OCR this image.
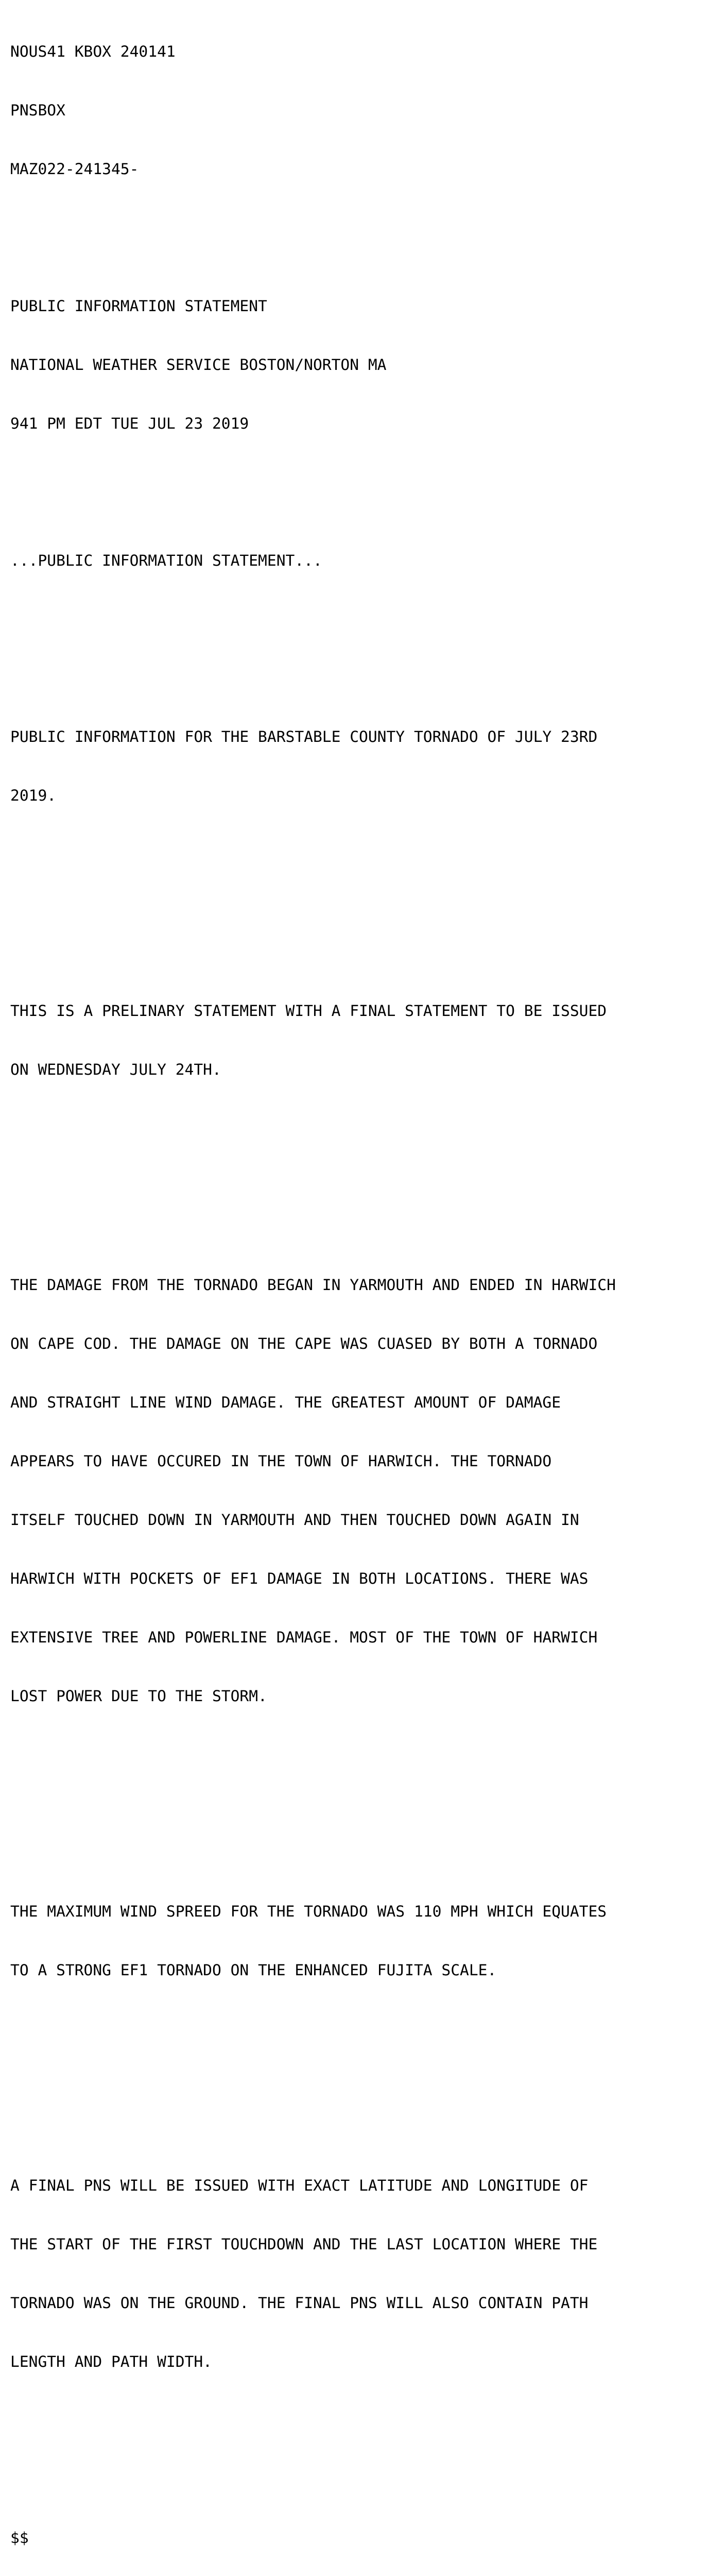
NOUS41 KBOX 240141

PNSBOX

MAZ022-241345-

PUBLIC INFORMATION STATEMENT

NATIONAL WEATHER SERVICE BOSTON/NORTON MA

941 PM EDT TUE JUL 23 2019

...PUBLIC INFORMATION STATEMENT...

PUBLIC INFORMATION FOR THE BARSTABLE COUNTY TORNADO OF JULY 23RD

2019.

THIS IS A PRELINARY STATEMENT WITH A FINAL STATEMENT TO BE ISSUED

ON WEDNESDAY JULY 24TH.

THE DAMAGE FROM THE TORNADO BEGAN IN YARMOUTH AND ENDED IN HARWICH

ON CAPE COD. THE DAMAGE ON THE CAPE WAS CUASED BY BOTH A TORNADO

AND STRAIGHT LINE WIND DAMAGE. THE GREATEST AMOUNT OF DAMAGE

APPEARS TO HAVE OCCURED IN THE TOWN OF HARWICH. THE TORNADO

ITSELF TOUCHED DOWN IN YARMOUTH AND THEN TOUCHED DOWN AGAIN IN

HARWICH WITH POCKETS OF EF1 DAMAGE IN BOTH LOCATIONS. THERE WAS

EXTENSIVE TREE AND POWERLINE DAMAGE. MOST OF THE TOWN OF HARWICH

LOST POWER DUE TO THE STORM.

THE MAXIMUM WIND SPREED FOR THE TORNADO WAS 110 MPH WHICH EQUATES

TO A STRONG EF1 TORNADO ON THE ENHANCED FUJITA SCALE.

A FINAL PNS WILL BE ISSUED WITH EXACT LATITUDE AND LONGITUDE OF

THE START OF THE FIRST TOUCHDOWN AND THE LAST LOCATION WHERE THE

TORNADO WAS ON THE GROUND. THE FINAL PNS WILL ALSO CONTAIN PATH

LENGTH AND PATH WIDTH.

$$
